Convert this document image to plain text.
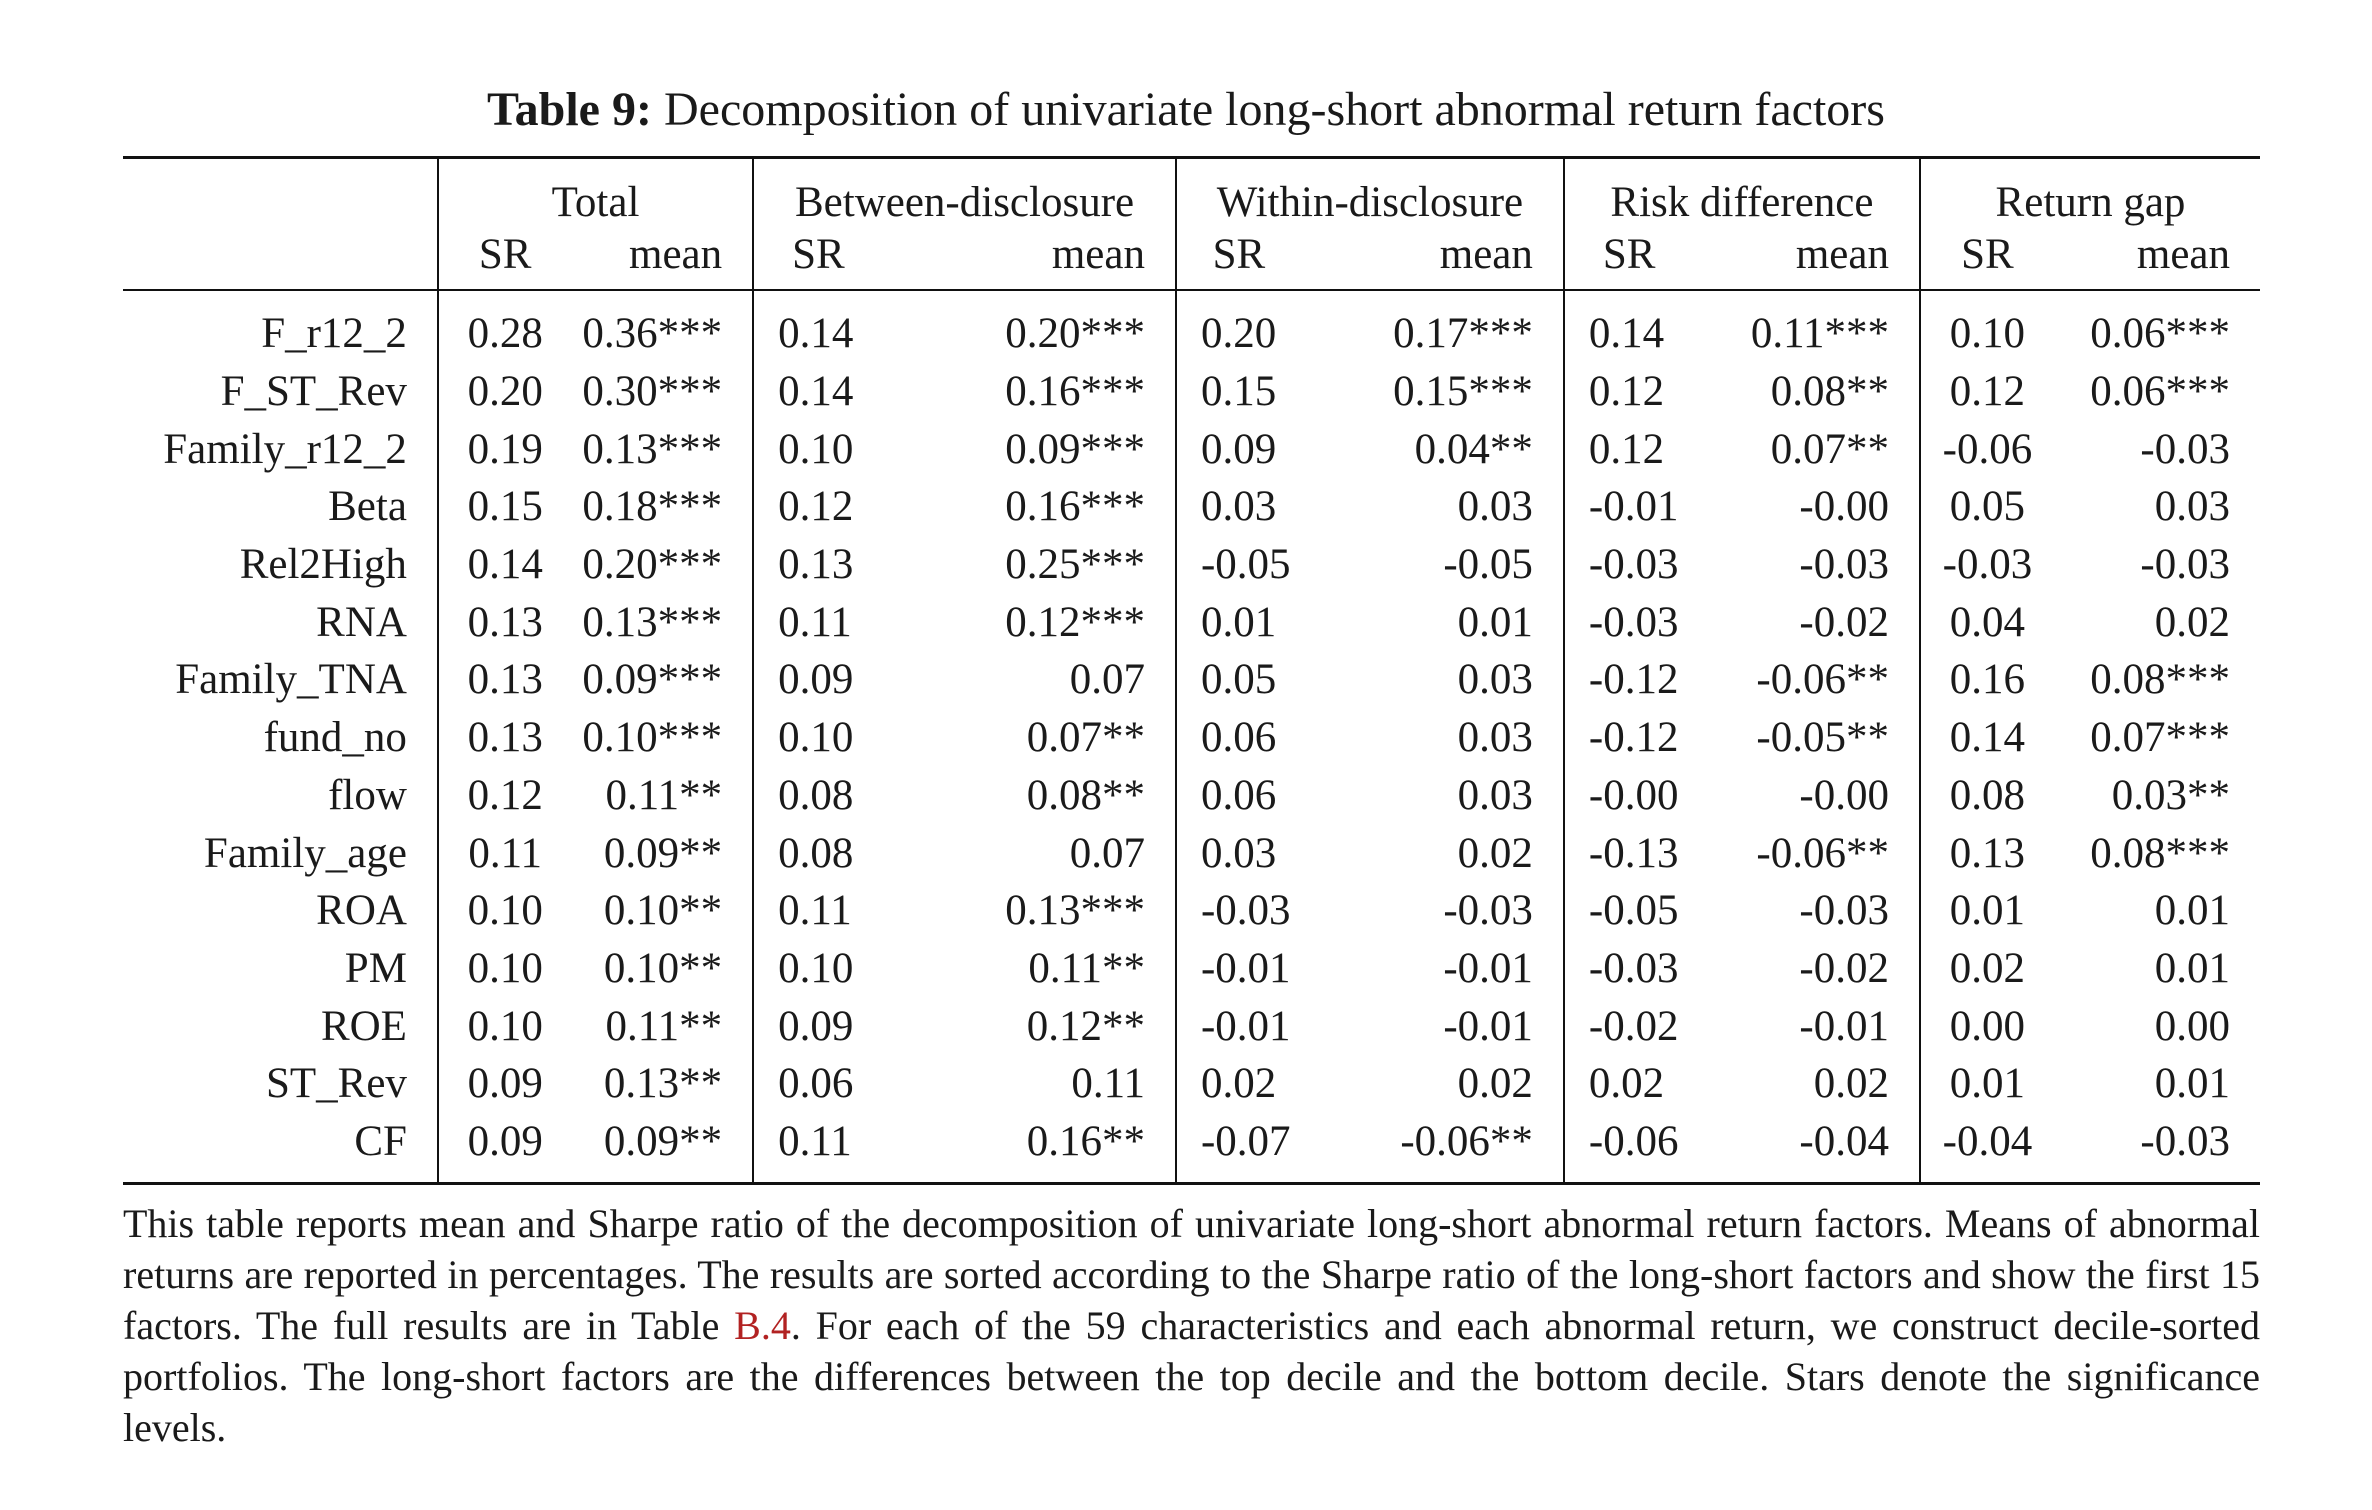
Table 9: Decomposition of univariate long-short abnormal return factors
	Total		Between-disclosure		Within-disclosure		Risk difference		Return gap	
	SR	mean	SR	mean	SR	mean	SR	mean	SR	mean
F_r12_2	0.28	0.36***	0.14	0.20***	0.20	0.17***	0.14	0.11***	0.10	0.06***
F_ST_Rev	0.20	0.30***	0.14	0.16***	0.15	0.15***	0.12	0.08**	0.12	0.06***
Family_r12_2	0.19	0.13***	0.10	0.09***	0.09	0.04**	0.12	0.07**	-0.06	-0.03
Beta	0.15	0.18***	0.12	0.16***	0.03	0.03	-0.01	-0.00	0.05	0.03
Rel2High	0.14	0.20***	0.13	0.25***	-0.05	-0.05	-0.03	-0.03	-0.03	-0.03
RNA	0.13	0.13***	0.11	0.12***	0.01	0.01	-0.03	-0.02	0.04	0.02
Family_TNA	0.13	0.09***	0.09	0.07	0.05	0.03	-0.12	-0.06**	0.16	0.08***
fund_no	0.13	0.10***	0.10	0.07**	0.06	0.03	-0.12	-0.05**	0.14	0.07***
flow	0.12	0.11**	0.08	0.08**	0.06	0.03	-0.00	-0.00	0.08	0.03**
Family_age	0.11	0.09**	0.08	0.07	0.03	0.02	-0.13	-0.06**	0.13	0.08***
ROA	0.10	0.10**	0.11	0.13***	-0.03	-0.03	-0.05	-0.03	0.01	0.01
PM	0.10	0.10**	0.10	0.11**	-0.01	-0.01	-0.03	-0.02	0.02	0.01
ROE	0.10	0.11**	0.09	0.12**	-0.01	-0.01	-0.02	-0.01	0.00	0.00
ST_Rev	0.09	0.13**	0.06	0.11	0.02	0.02	0.02	0.02	0.01	0.01
CF	0.09	0.09**	0.11	0.16**	-0.07	-0.06**	-0.06	-0.04	-0.04	-0.03
This table reports mean and Sharpe ratio of the decomposition of univariate long-short abnormal return factors. Means of abnormal returns are reported in percentages. The results are sorted according to the Sharpe ratio of the long-short factors and show the first 15 factors. The full results are in Table B.4. For each of the 59 characteristics and each abnormal return, we construct decile-sorted portfolios. The long-short factors are the differences between the top decile and the bottom decile. Stars denote the significance levels.
